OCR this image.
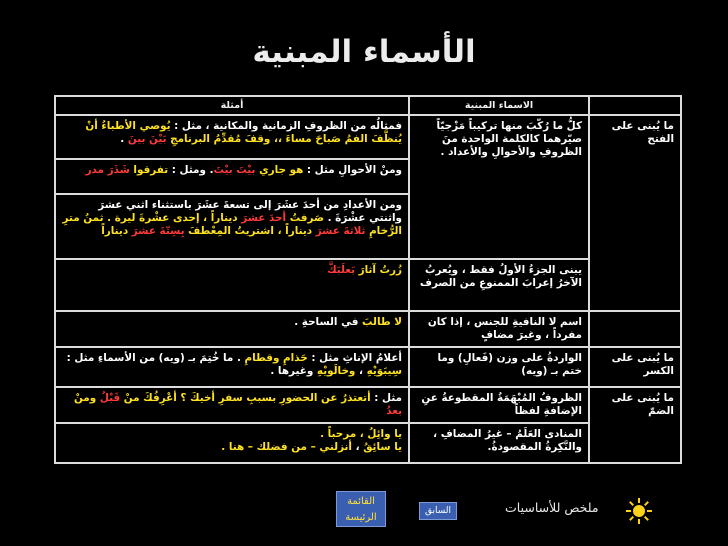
الأسماء المبنية
	الاسماء المبنية	أمثلة
ما يُبنى على الفتح	كلُّ ما رُكّبَ منها تركيباً مَزْجيّاً صيّرهما كالكلمة الواحدة منَ الظروفِ والأحوالِ والأعداد .	فمثالُه من الظروفِ الزمانية والمكانية ، مثل : يُوصي الأطباءُ أنْ يُنظَّفَ الفمُ صَباحَ مساءَ ،، وقفَ مُقدِّمُ البرنامجِ بَيْنَ بينَ .
		ومنْ الأحوالِ مثل : هو جاري بيْتَ بيْتَ. ومثل : تفرقوا شَذَرَ مدر
		ومن الأعدادِ من أحدَ عشَرَ إلى تسعةَ عشَرَ باستثناء اثني عشرَ واثنتي عشْرَةَ . صَرفتُ أحدَ عشرَ ديناراً ، إحدى عشْرةَ ليرة . ثمنُ مترِ الرُّخامِ ثلاثةَ عشرَ ديناراً ، اشتريتُ المِعْطفَ بِسِتّةَ عشرَ ديناراً
	يبنى الجزءُ الأولُ فقط ، ويُعربُ الآخرُ إعرابَ الممنوعِ من الصرف	زُرتُ آثارَ بَعلَبَكَّ
	اسم لا النافيةِ للجنس ، إذا كان مفرداً ، وغيرَ مضافٍ	لا طالبَ في الساحةِ .
ما يُبنى على الكسر	الواردةُ على وزن (فَعالِ) وما ختم بـ (ويه)	أعلامُ الإناثِ مثل : حَذامِ وقطامِ . ما خُتِمَ بـ (ويه) من الأسماءِ مثل : سِيبَوَيْهِ ، وخالَويْهِ وغيرها .
ما يُبنى على الضمّ	الظروفُ المُبْهَمَةُ المقطوعةُ عنِ الإضافةِ لفظاً	مثل : أتعتذرُ عن الحضورِ بسببِ سفرِ أخيكَ ؟ أعْرِفُكَ منْ قَبْلُ ومنْ بعدُ
	المنادى العَلَمُ – غيرُ المضافِ ، والنَّكِرةُ المقصودةُ.	يا وائِلُ ، مرحباً .
يا سائِقُ ، أنزلني – من فضلك – هنا .
القائمة الرئيسة
السابق	ملخص للأساسيات
